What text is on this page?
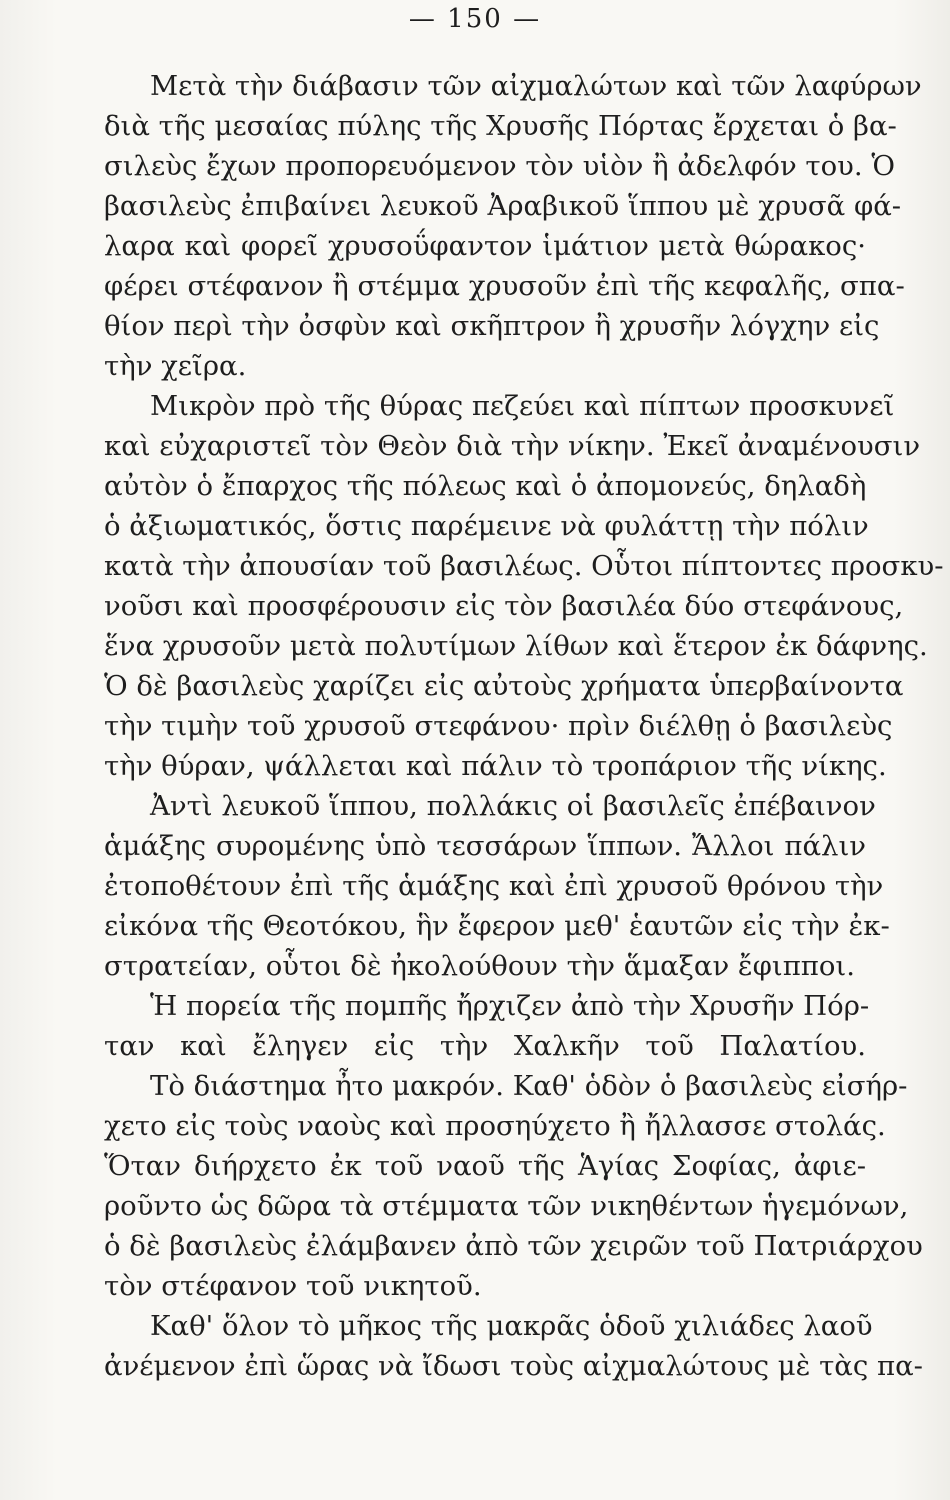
— 150 —
Μετὰ τὴν διάβασιν τῶν αἰχμαλώτων καὶ τῶν λαφύρων
διὰ τῆς μεσαίας πύλης τῆς Χρυσῆς Πόρτας ἔρχεται ὁ βα-
σιλεὺς ἔχων προπορευόμενον τὸν υἱὸν ἢ ἀδελφόν του. Ὁ
βασιλεὺς ἐπιβαίνει λευκοῦ Ἀραβικοῦ ἵππου μὲ χρυσᾶ φά-
λαρα καὶ φορεῖ χρυσοΰφαντον ἱμάτιον μετὰ θώρακος·
φέρει στέφανον ἢ στέμμα χρυσοῦν ἐπὶ τῆς κεφαλῆς, σπα-
θίον περὶ τὴν ὀσφὺν καὶ σκῆπτρον ἢ χρυσῆν λόγχην εἰς
τὴν χεῖρα.
Μικρὸν πρὸ τῆς θύρας πεζεύει καὶ πίπτων προσκυνεῖ
καὶ εὐχαριστεῖ τὸν Θεὸν διὰ τὴν νίκην. Ἐκεῖ ἀναμένουσιν
αὐτὸν ὁ ἔπαρχος τῆς πόλεως καὶ ὁ ἀπομονεύς, δηλαδὴ
ὁ ἀξιωματικός, ὅστις παρέμεινε νὰ φυλάττῃ τὴν πόλιν
κατὰ τὴν ἀπουσίαν τοῦ βασιλέως. Οὗτοι πίπτοντες προσκυ-
νοῦσι καὶ προσφέρουσιν εἰς τὸν βασιλέα δύο στεφάνους,
ἕνα χρυσοῦν μετὰ πολυτίμων λίθων καὶ ἕτερον ἐκ δάφνης.
Ὁ δὲ βασιλεὺς χαρίζει εἰς αὐτοὺς χρήματα ὑπερβαίνοντα
τὴν τιμὴν τοῦ χρυσοῦ στεφάνου· πρὶν διέλθῃ ὁ βασιλεὺς
τὴν θύραν, ψάλλεται καὶ πάλιν τὸ τροπάριον τῆς νίκης.
Ἀντὶ λευκοῦ ἵππου, πολλάκις οἱ βασιλεῖς ἐπέβαινον
ἁμάξης συρομένης ὑπὸ τεσσάρων ἵππων. Ἄλλοι πάλιν
ἐτοποθέτουν ἐπὶ τῆς ἁμάξης καὶ ἐπὶ χρυσοῦ θρόνου τὴν
εἰκόνα τῆς Θεοτόκου, ἣν ἔφερον μεθ' ἑαυτῶν εἰς τὴν ἐκ-
στρατείαν, οὗτοι δὲ ἠκολούθουν τὴν ἅμαξαν ἔφιπποι.
Ἡ πορεία τῆς πομπῆς ἤρχιζεν ἀπὸ τὴν Χρυσῆν Πόρ-
ταν καὶ ἔληγεν εἰς τὴν Χαλκῆν τοῦ Παλατίου.
Τὸ διάστημα ἦτο μακρόν. Καθ' ὁδὸν ὁ βασιλεὺς εἰσήρ-
χετο εἰς τοὺς ναοὺς καὶ προσηύχετο ἢ ἤλλασσε στολάς.
Ὅταν διήρχετο ἐκ τοῦ ναοῦ τῆς Ἁγίας Σοφίας, ἀφιε-
ροῦντο ὡς δῶρα τὰ στέμματα τῶν νικηθέντων ἡγεμόνων,
ὁ δὲ βασιλεὺς ἐλάμβανεν ἀπὸ τῶν χειρῶν τοῦ Πατριάρχου
τὸν στέφανον τοῦ νικητοῦ.
Καθ' ὅλον τὸ μῆκος τῆς μακρᾶς ὁδοῦ χιλιάδες λαοῦ
ἀνέμενον ἐπὶ ὥρας νὰ ἴδωσι τοὺς αἰχμαλώτους μὲ τὰς πα-
